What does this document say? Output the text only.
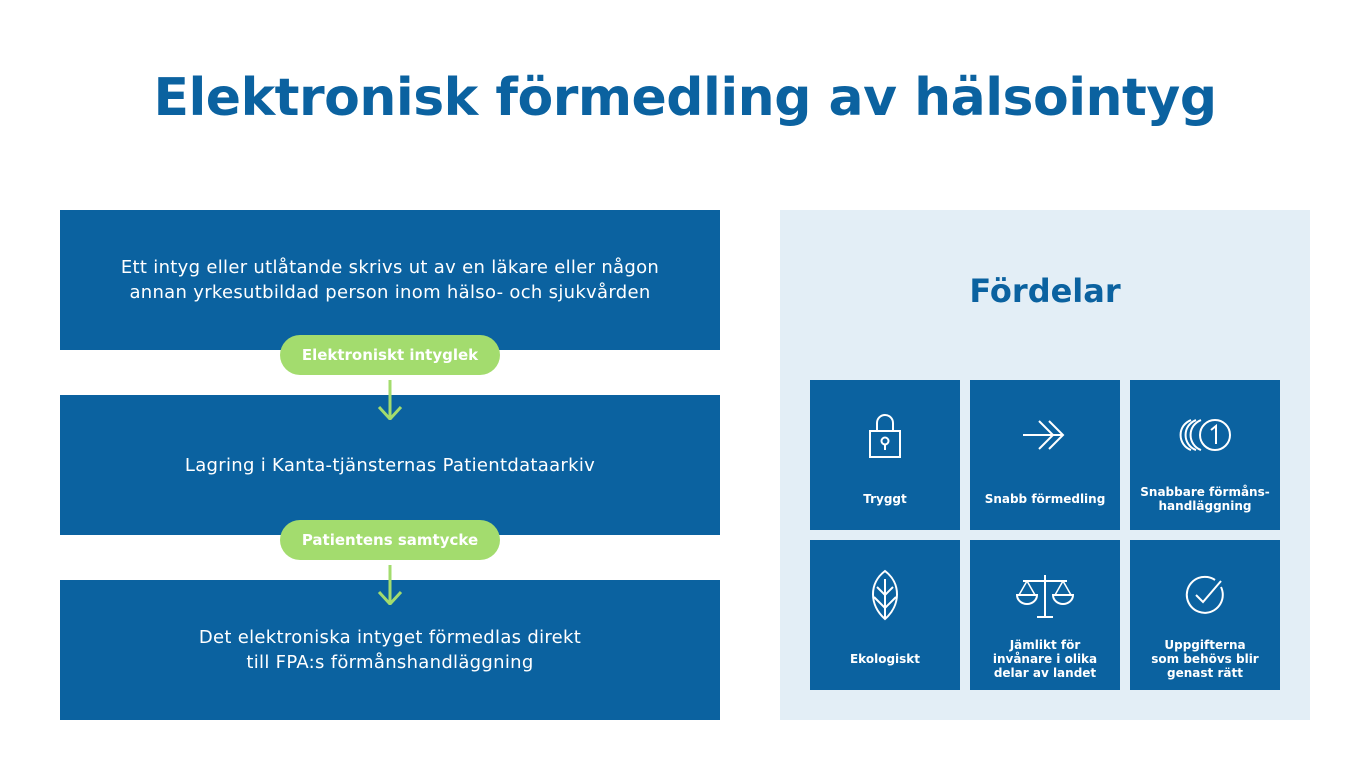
Elektronisk förmedling av hälsointyg
Ett intyg eller utlåtande skrivs ut av en läkare eller någon
annan yrkesutbildad person inom hälso- och sjukvården
Lagring i Kanta-tjänsternas Patientdataarkiv
Det elektroniska intyget förmedlas direkt
till FPA:s förmånshandläggning
Elektroniskt intyglek
Patientens samtycke
Fördelar
Tryggt	Snabb förmedling	Snabbare förmåns-
handläggning
Ekologiskt
Jämlikt för
invånare i olika
delar av landet
Uppgifterna
som behövs blir
genast rätt
